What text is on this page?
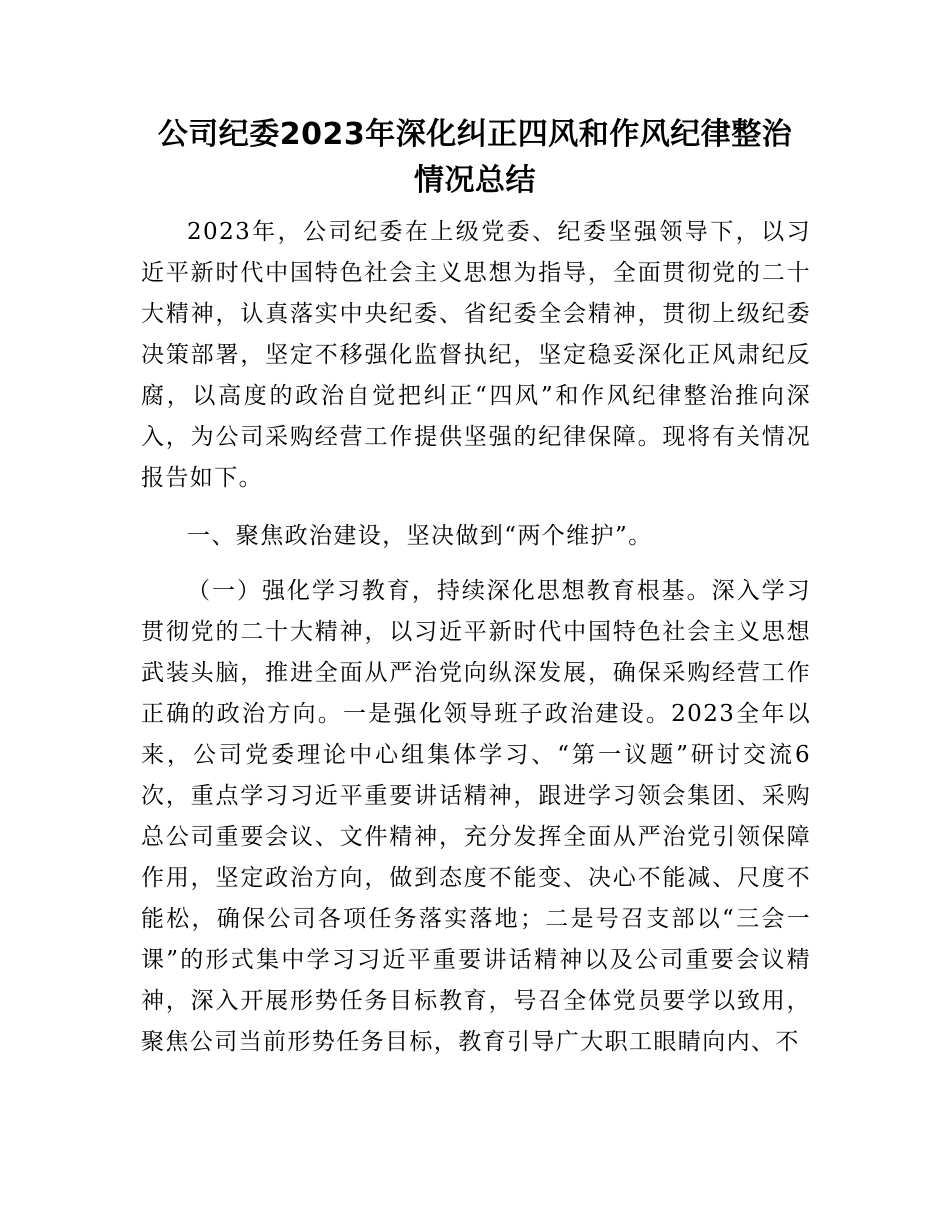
公司纪委2023年深化纠正四风和作风纪律整治
情况总结

2023年，公司纪委在上级党委、纪委坚强领导下，以习近平新时代中国特色社会主义思想为指导，全面贯彻党的二十大精神，认真落实中央纪委、省纪委全会精神，贯彻上级纪委决策部署，坚定不移强化监督执纪，坚定稳妥深化正风肃纪反腐，以高度的政治自觉把纠正“四风”和作风纪律整治推向深入，为公司采购经营工作提供坚强的纪律保障。现将有关情况报告如下。

一、聚焦政治建设，坚决做到“两个维护”。

（一）强化学习教育，持续深化思想教育根基。深入学习贯彻党的二十大精神，以习近平新时代中国特色社会主义思想武装头脑，推进全面从严治党向纵深发展，确保采购经营工作正确的政治方向。一是强化领导班子政治建设。2023全年以来，公司党委理论中心组集体学习、“第一议题”研讨交流6次，重点学习习近平重要讲话精神，跟进学习领会集团、采购总公司重要会议、文件精神，充分发挥全面从严治党引领保障作用，坚定政治方向，做到态度不能变、决心不能减、尺度不能松，确保公司各项任务落实落地；二是号召支部以“三会一课”的形式集中学习习近平重要讲话精神以及公司重要会议精神，深入开展形势任务目标教育，号召全体党员要学以致用，聚焦公司当前形势任务目标，教育引导广大职工眼睛向内、不
